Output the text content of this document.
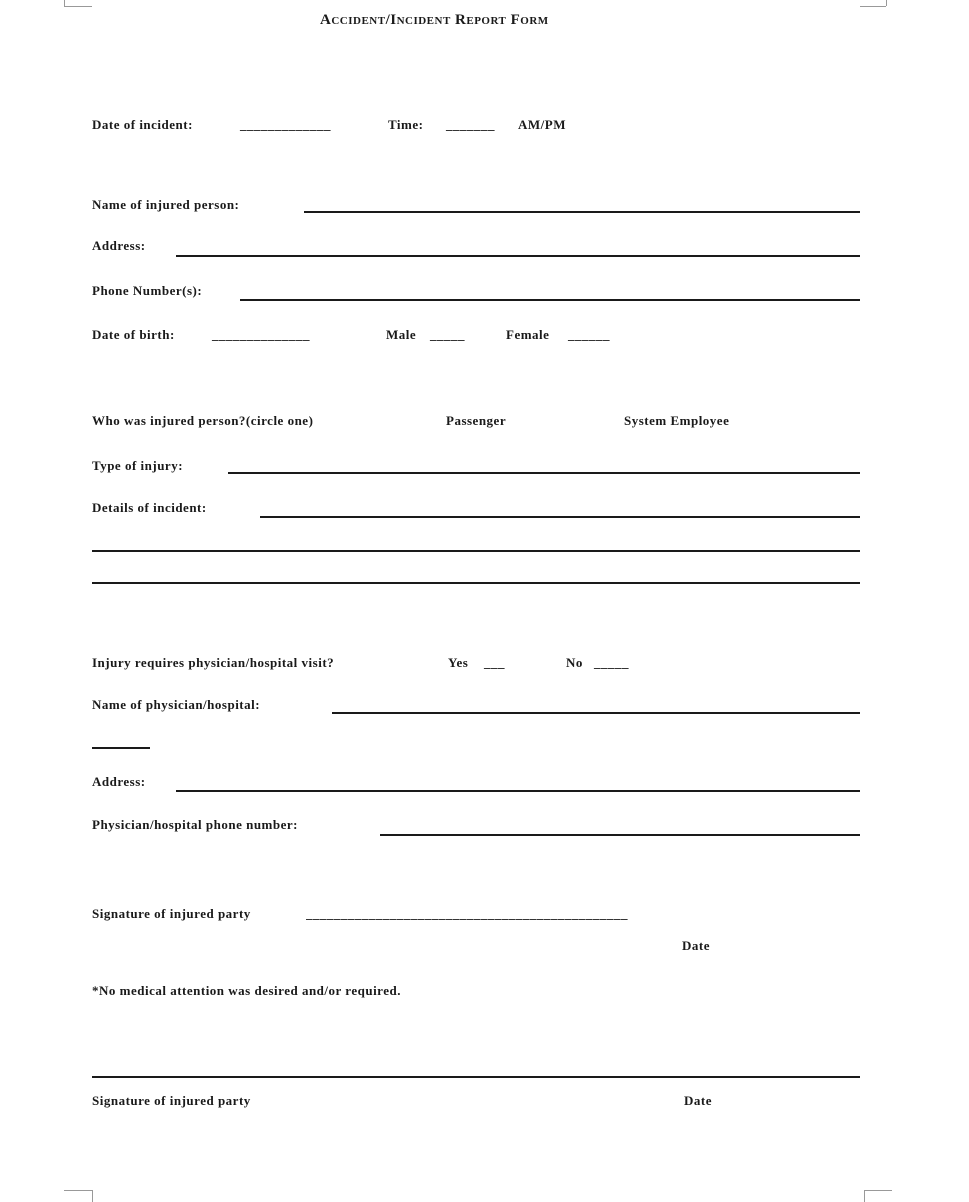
Accident/Incident Report Form
Date of incident:	_____________	Time: _______ AM/PM
Name of injured person:
Address:
Phone Number(s):
Date of birth:	______________	Male _____	Female ______
Who was injured person?(circle one)	Passenger	System Employee
Type of injury:
Details of incident:
Injury requires physician/hospital visit?	Yes ___	No _____
Name of physician/hospital:
Address:
Physician/hospital phone number:
Signature of injured party	______________________________________________
Date
*No medical attention was desired and/or required.
Signature of injured party	Date
